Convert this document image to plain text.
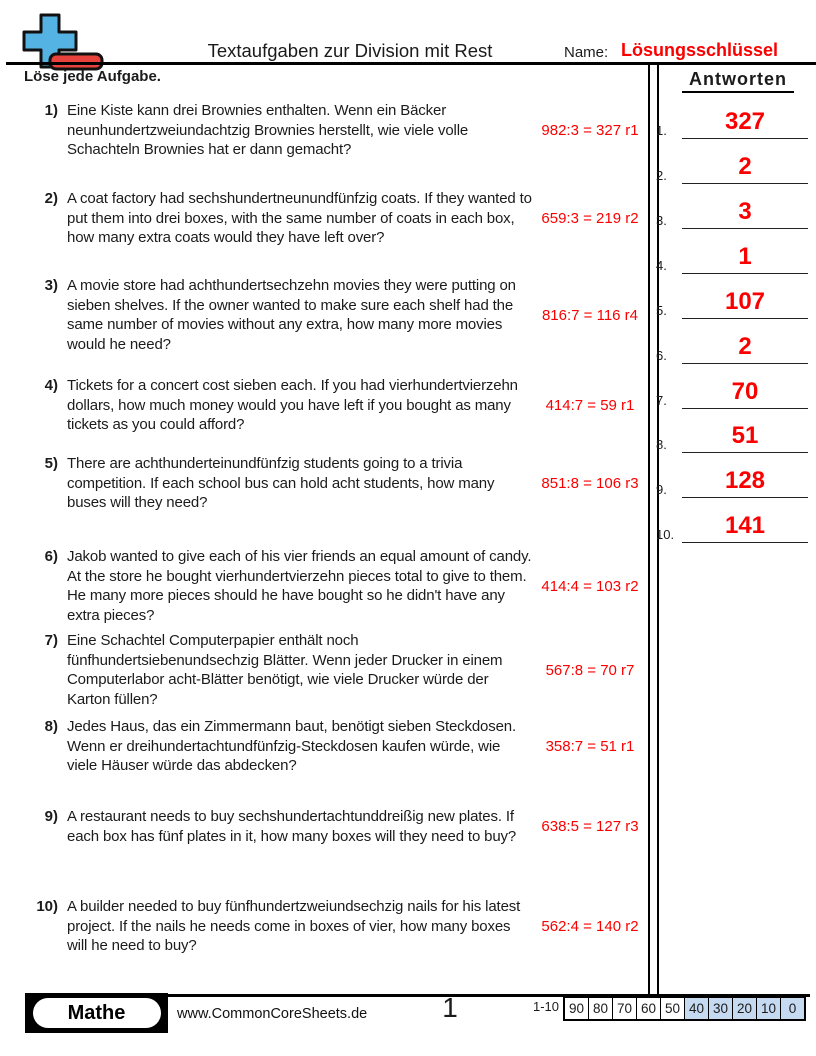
Textaufgaben zur Division mit Rest	Name: Lösungsschlüssel
Löse jede Aufgabe.	Antworten
1.	327
2.	2
3.	3
4.	1
5.	107
6.	2
7.	70
8.	51
9.	128
10.	141
1) Eine Kiste kann drei Brownies enthalten. Wenn ein Bäcker neunhundertzweiundachtzig Brownies herstellt, wie viele volle Schachteln Brownies hat er dann gemacht?
982:3 = 327 r1
2) A coat factory had sechshundertneunundfünfzig coats. If they wanted to put them into drei boxes, with the same number of coats in each box, how many extra coats would they have left over?
659:3 = 219 r2
3) A movie store had achthundertsechzehn movies they were putting on sieben shelves. If the owner wanted to make sure each shelf had the same number of movies without any extra, how many more movies would he need?
816:7 = 116 r4
4) Tickets for a concert cost sieben each. If you had vierhundertvierzehn dollars, how much money would you have left if you bought as many tickets as you could afford?
414:7 = 59 r1
5) There are achthunderteinundfünfzig students going to a trivia competition. If each school bus can hold acht students, how many buses will they need?
851:8 = 106 r3
6) Jakob wanted to give each of his vier friends an equal amount of candy. At the store he bought vierhundertvierzehn pieces total to give to them. He many more pieces should he have bought so he didn't have any extra pieces?
414:4 = 103 r2
7) Eine Schachtel Computerpapier enthält noch fünfhundertsiebenundsechzig Blätter. Wenn jeder Drucker in einem Computerlabor acht-Blätter benötigt, wie viele Drucker würde der Karton füllen?
567:8 = 70 r7
8) Jedes Haus, das ein Zimmermann baut, benötigt sieben Steckdosen. Wenn er dreihundertachtundfünfzig-Steckdosen kaufen würde, wie viele Häuser würde das abdecken?
358:7 = 51 r1
9) A restaurant needs to buy sechshundertachtunddreißig new plates. If each box has fünf plates in it, how many boxes will they need to buy?
638:5 = 127 r3
10) A builder needed to buy fünfhundertzweiundsechzig nails for his latest project. If the nails he needs come in boxes of vier, how many boxes will he need to buy?
562:4 = 140 r2
Mathe	www.CommonCoreSheets.de	1	1-10 90 80 70 60 50 40 30 20 10 0
